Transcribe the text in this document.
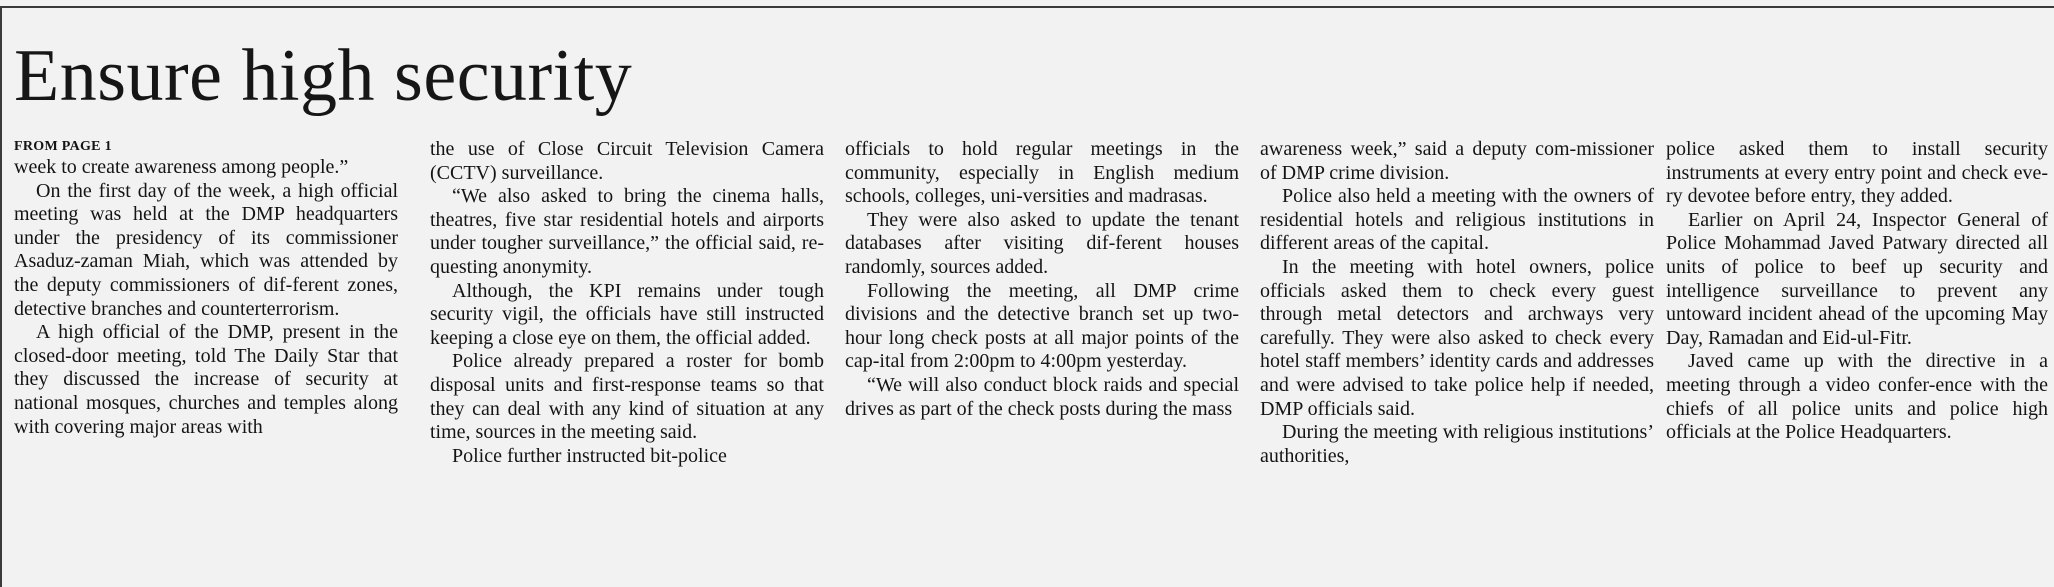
Ensure high security

FROM PAGE 1

week to create awareness among people.”

On the first day of the week, a high official meeting was held at the DMP headquarters under the presidency of its commissioner Asaduz-zaman Miah, which was attended by the deputy commissioners of dif-ferent zones, detective branches and counterterrorism.

A high official of the DMP, present in the closed-door meeting, told The Daily Star that they discussed the increase of security at national mosques, churches and temples along with covering major areas with

the use of Close Circuit Television Camera (CCTV) surveillance.

“We also asked to bring the cinema halls, theatres, five star residential hotels and airports under tougher surveillance,” the official said, re-questing anonymity.

Although, the KPI remains under tough security vigil, the officials have still instructed keeping a close eye on them, the official added.

Police already prepared a roster for bomb disposal units and first-response teams so that they can deal with any kind of situation at any time, sources in the meeting said.

Police further instructed bit-police

officials to hold regular meetings in the community, especially in English medium schools, colleges, uni-versities and madrasas.

They were also asked to update the tenant databases after visiting dif-ferent houses randomly, sources added.

Following the meeting, all DMP crime divisions and the detective branch set up two-hour long check posts at all major points of the cap-ital from 2:00pm to 4:00pm yesterday.

“We will also conduct block raids and special drives as part of the check posts during the mass

awareness week,” said a deputy com-missioner of DMP crime division.

Police also held a meeting with the owners of residential hotels and religious institutions in different areas of the capital.

In the meeting with hotel owners, police officials asked them to check every guest through metal detectors and archways very carefully. They were also asked to check every hotel staff members’ identity cards and addresses and were advised to take police help if needed, DMP officials said.

During the meeting with religious institutions’ authorities,

police asked them to install security instruments at every entry point and check eve-ry devotee before entry, they added.

Earlier on April 24, Inspector General of Police Mohammad Javed Patwary directed all units of police to beef up security and intelligence surveillance to prevent any untoward incident ahead of the upcoming May Day, Ramadan and Eid-ul-Fitr.

Javed came up with the directive in a meeting through a video confer-ence with the chiefs of all police units and police high officials at the Police Headquarters.
